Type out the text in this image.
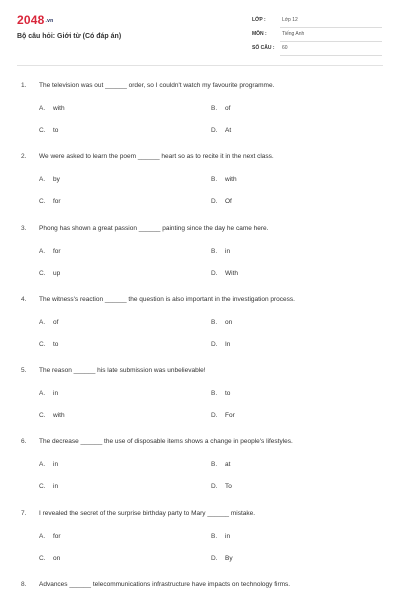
2048.vn
Bộ câu hỏi: Giới từ (Có đáp án)
LỚP :	Lớp 12
MÔN :	Tiếng Anh
SỐ CÂU : 60
1. The television was out ______ order, so I couldn't watch my favourite programme.
A. with	B. of
C. to	D. At
2. We were asked to learn the poem ______ heart so as to recite it in the next class.
A. by	B. with
C. for	D. Of
3. Phong has shown a great passion ______ painting since the day he came here.
A. for	B. in
C. up	D. With
4. The witness's reaction ______ the question is also important in the investigation process.
A. of	B. on
C. to	D. In
5. The reason ______ his late submission was unbelievable!
A. in	B. to
C. with	D. For
6. The decrease ______ the use of disposable items shows a change in people's lifestyles.
A. in	B. at
C. in	D. To
7. I revealed the secret of the surprise birthday party to Mary ______ mistake.
A. for	B. in
C. on	D. By
8. Advances ______ telecommunications infrastructure have impacts on technology firms.
